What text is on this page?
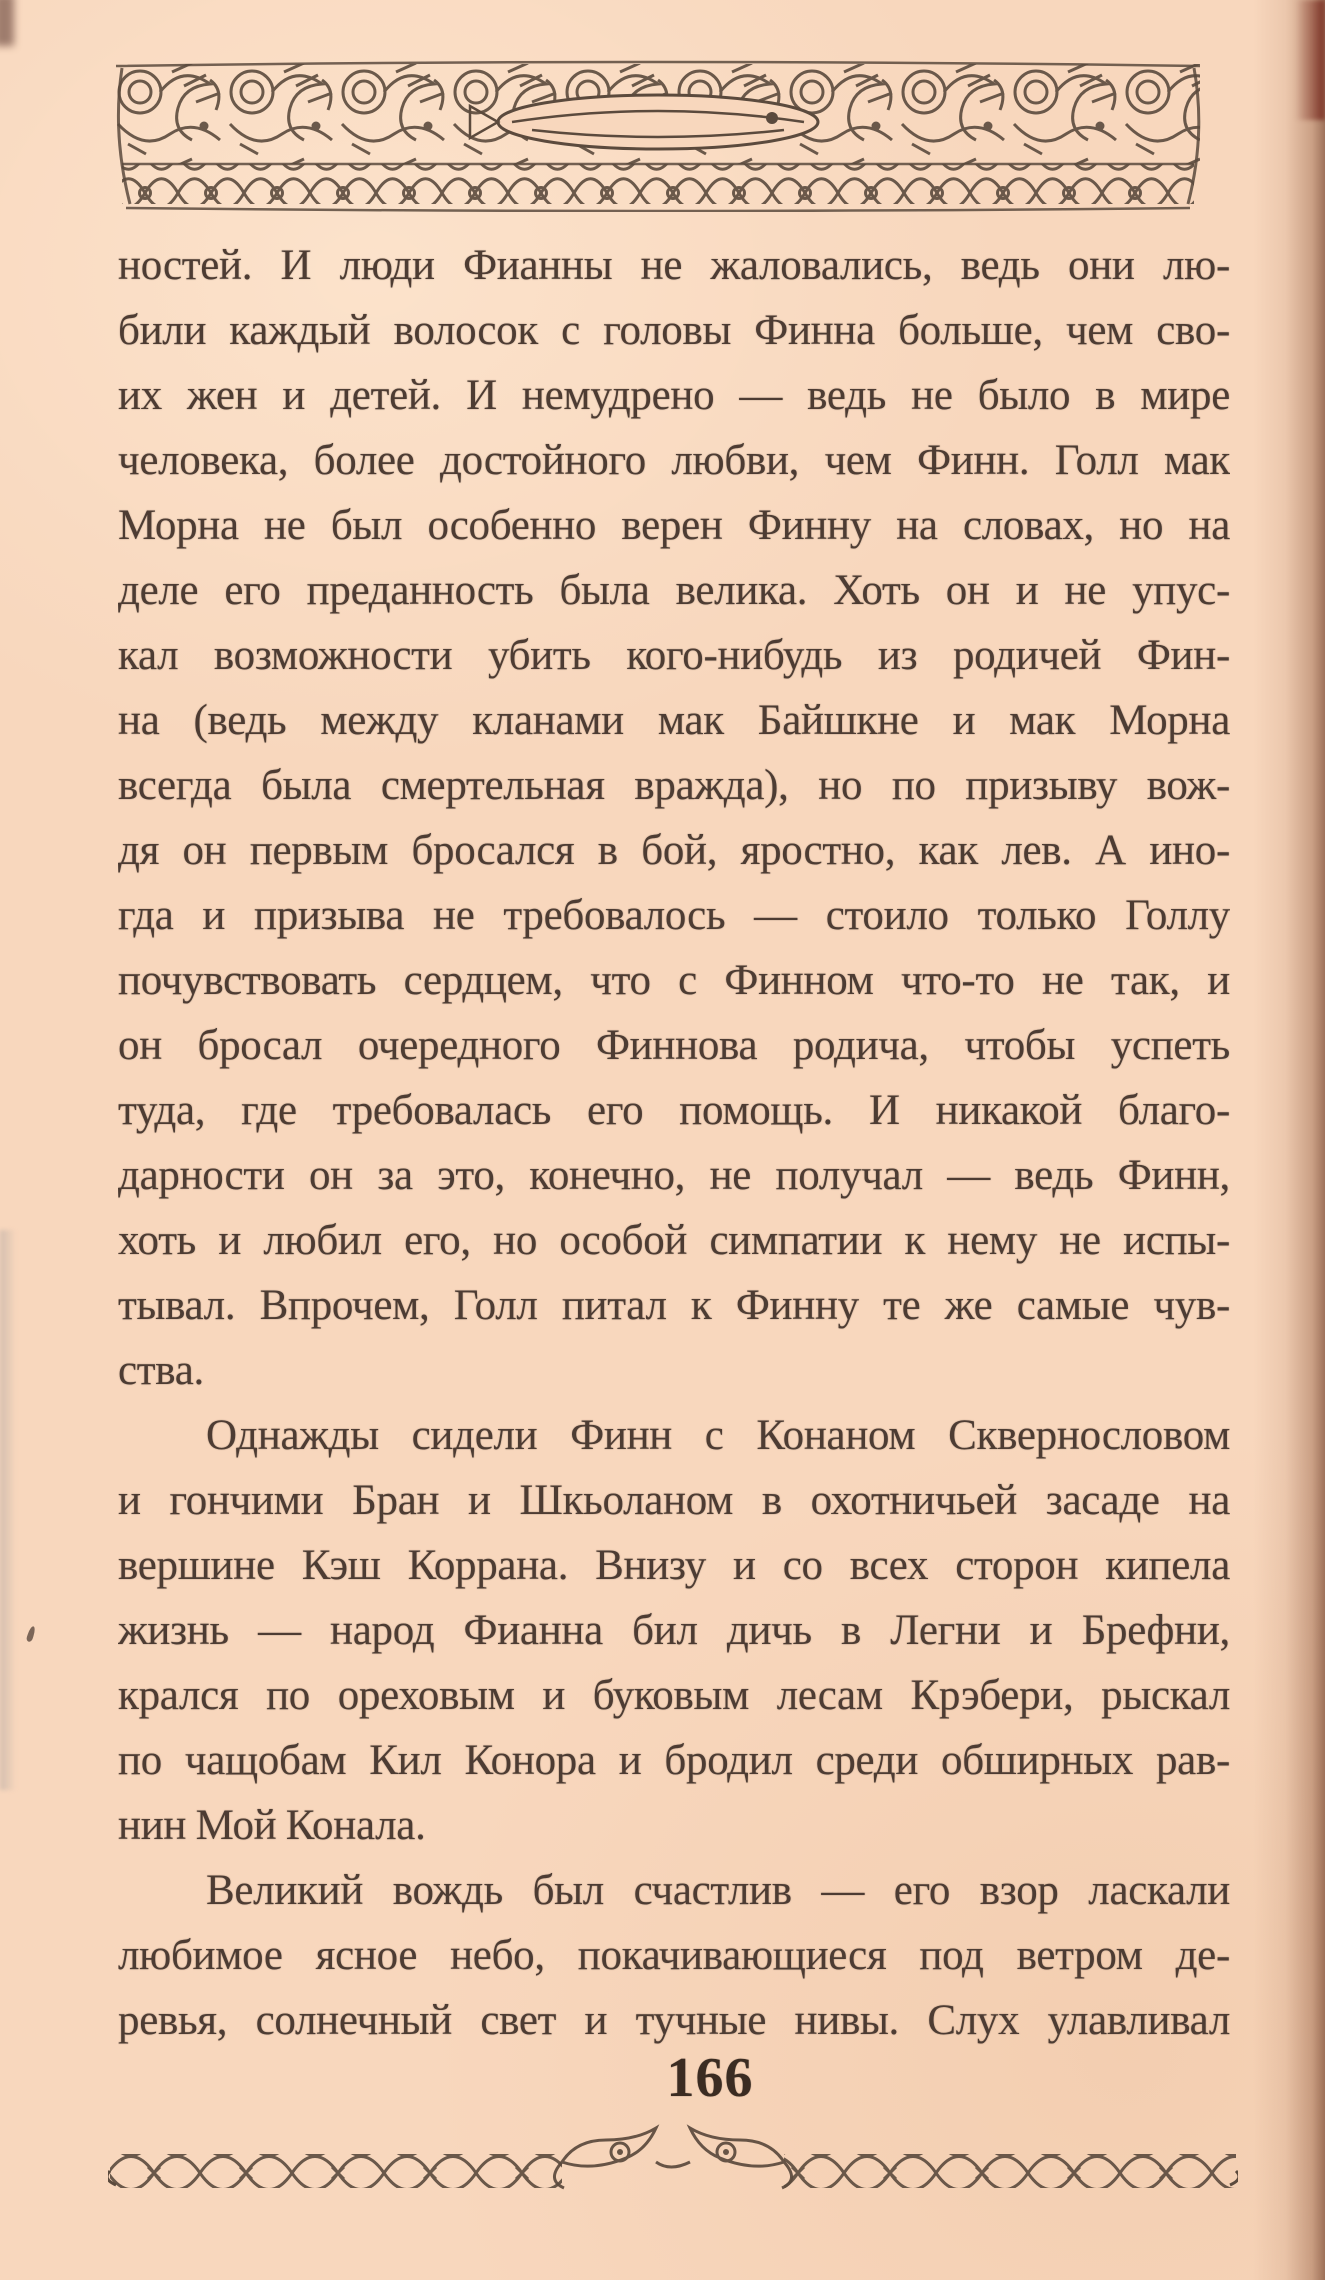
ностей. И люди Фианны не жаловались, ведь они лю-
били каждый волосок с головы Финна больше, чем сво-
их жен и детей. И немудрено — ведь не было в мире
человека, более достойного любви, чем Финн. Голл мак
Морна не был особенно верен Финну на словах, но на
деле его преданность была велика. Хоть он и не упус-
кал возможности убить кого-нибудь из родичей Фин-
на (ведь между кланами мак Байшкне и мак Морна
всегда была смертельная вражда), но по призыву вож-
дя он первым бросался в бой, яростно, как лев. А ино-
гда и призыва не требовалось — стоило только Голлу
почувствовать сердцем, что с Финном что-то не так, и
он бросал очередного Финнова родича, чтобы успеть
туда, где требовалась его помощь. И никакой благо-
дарности он за это, конечно, не получал — ведь Финн,
хоть и любил его, но особой симпатии к нему не испы-
тывал. Впрочем, Голл питал к Финну те же самые чув-
ства.
Однажды сидели Финн с Конаном Сквернословом
и гончими Бран и Шкьоланом в охотничьей засаде на
вершине Кэш Коррана. Внизу и со всех сторон кипела
жизнь — народ Фианна бил дичь в Легни и Брефни,
крался по ореховым и буковым лесам Крэбери, рыскал
по чащобам Кил Конора и бродил среди обширных рав-
нин Мой Конала.
Великий вождь был счастлив — его взор ласкали
любимое ясное небо, покачивающиеся под ветром де-
ревья, солнечный свет и тучные нивы. Слух улавливал
166
